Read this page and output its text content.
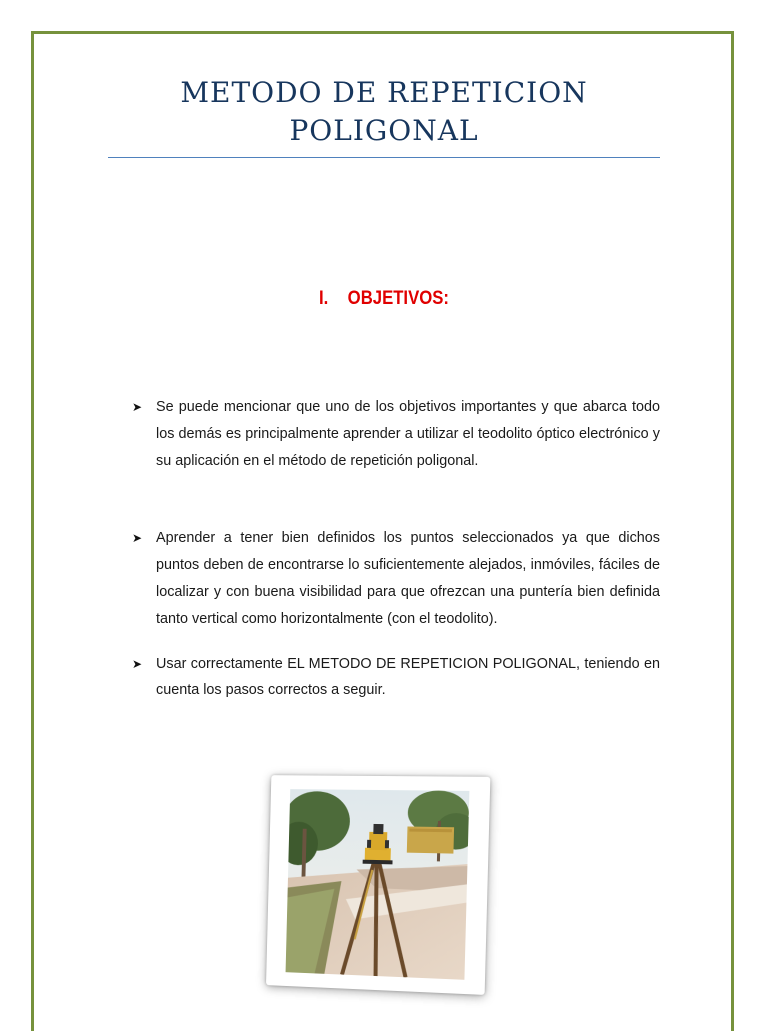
METODO DE REPETICION
POLIGONAL
I. OBJETIVOS:
➤ Se puede mencionar que uno de los objetivos importantes y que abarca todo los demás es principalmente aprender a utilizar el teodolito óptico electrónico y su aplicación en el método de repetición poligonal.
➤ Aprender a tener bien definidos los puntos seleccionados ya que dichos puntos deben de encontrarse lo suficientemente alejados, inmóviles, fáciles de localizar y con buena visibilidad para que ofrezcan una puntería bien definida tanto vertical como horizontalmente (con el teodolito).
➤ Usar correctamente EL METODO DE REPETICION POLIGONAL, teniendo en cuenta los pasos correctos a seguir.
